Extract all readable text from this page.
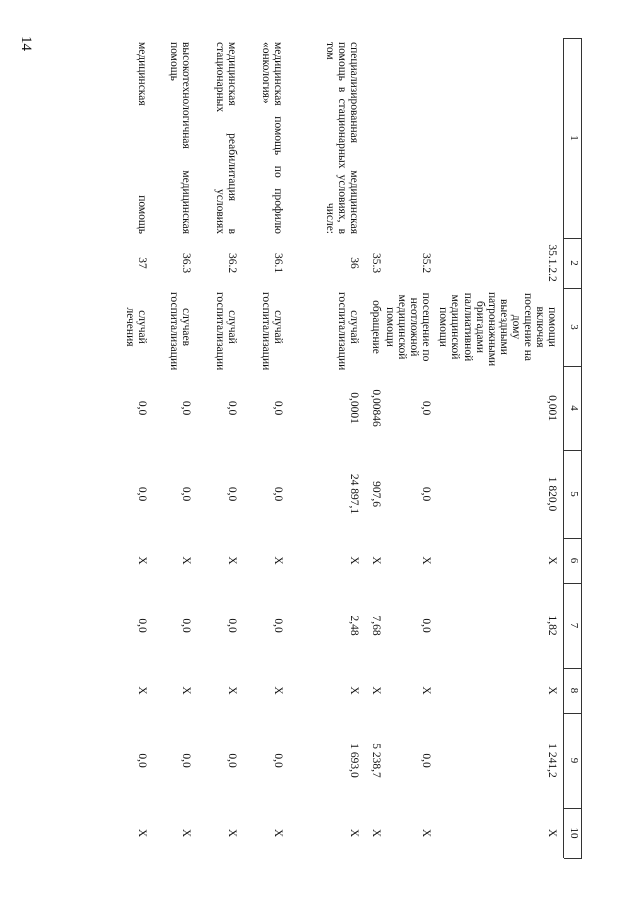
14
1
2
3
4
5
6
7
8
9
10
35.1.2.2
помощи включая посещение на дому выездными патронажными бригадами паллиативной медицинской помощи
0,001
1 820,0
Х
1,82
Х
1 241,2
Х
35.2
посещение по неотложной медицинской помощи
0,0
0,0
Х
0,0
Х
0,0
Х
35.3
обращение
0,00846
907,6
Х
7,68
Х
5 238,7
Х
специализированная медицинская помощь в стационарных условиях, в том числе:
36
случай госпитализации
0,0001
24 897,1
Х
2,48
Х
1 693,0
Х
медицинская помощь по профилю «онкология»
36.1
случай госпитализации
0,0
0,0
Х
0,0
Х
0,0
Х
медицинская реабилитация в стационарных условиях
36.2
случай госпитализации
0,0
0,0
Х
0,0
Х
0,0
Х
высокотехнологичная медицинская помощь
36.3
случаев госпитализации
0,0
0,0
Х
0,0
Х
0,0
Х
медицинская помощь
37
случай лечения
0,0
0,0
Х
0,0
Х
0,0
Х
